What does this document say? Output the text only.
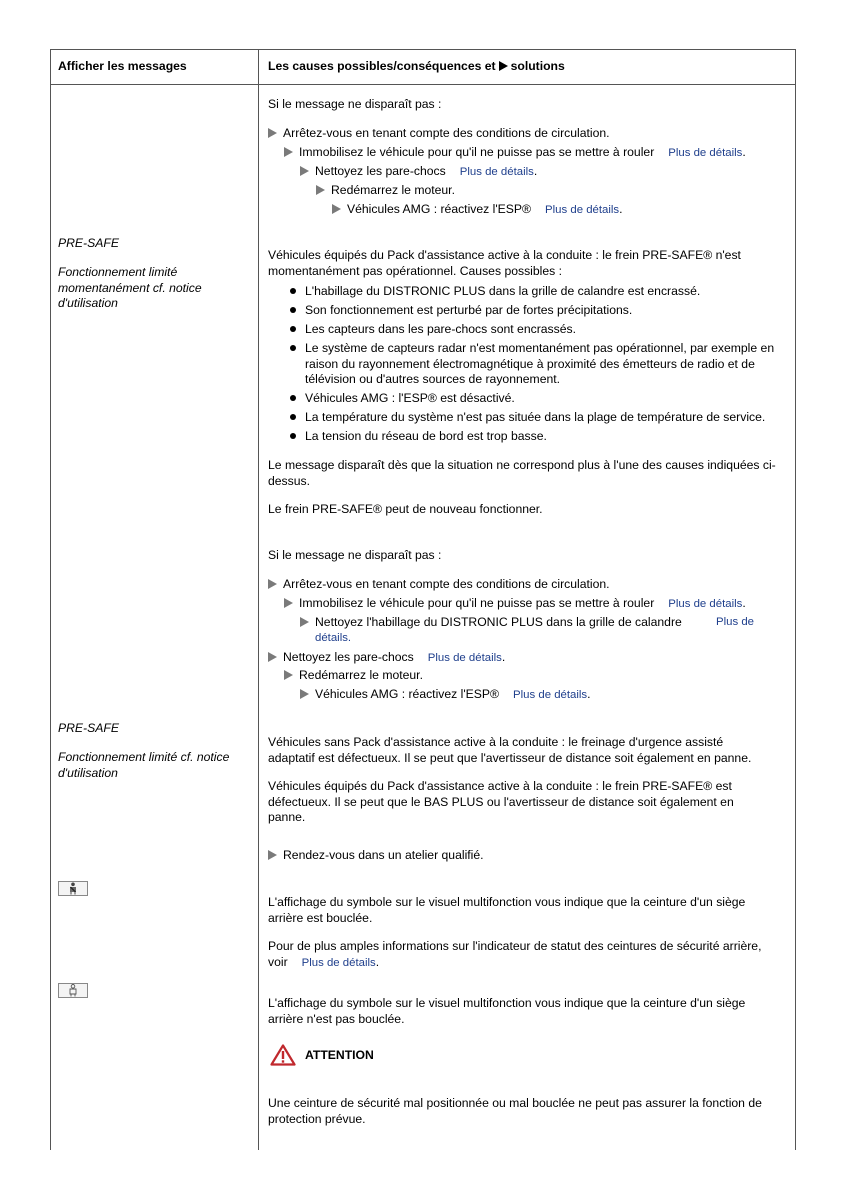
Afficher les messages	Les causes possibles/conséquences et solutions
Si le message ne disparaît pas :
Arrêtez-vous en tenant compte des conditions de circulation.
Immobilisez le véhicule pour qu'il ne puisse pas se mettre à rouler Plus de détails.
Nettoyez les pare-chocs Plus de détails.
Redémarrez le moteur.
Véhicules AMG : réactivez l'ESP® Plus de détails.
PRE-SAFE
Fonctionnement limité momentanément cf. notice d'utilisation
Véhicules équipés du Pack d'assistance active à la conduite : le frein PRE-SAFE® n'est momentanément pas opérationnel. Causes possibles :
L'habillage du DISTRONIC PLUS dans la grille de calandre est encrassé.
Son fonctionnement est perturbé par de fortes précipitations.
Les capteurs dans les pare-chocs sont encrassés.
Le système de capteurs radar n'est momentanément pas opérationnel, par exemple en raison du rayonnement électromagnétique à proximité des émetteurs de radio et de télévision ou d'autres sources de rayonnement.
Véhicules AMG : l'ESP® est désactivé.
La température du système n'est pas située dans la plage de température de service.
La tension du réseau de bord est trop basse.
Le message disparaît dès que la situation ne correspond plus à l'une des causes indiquées ci-dessus.
Le frein PRE-SAFE® peut de nouveau fonctionner.
Si le message ne disparaît pas :
Arrêtez-vous en tenant compte des conditions de circulation.
Immobilisez le véhicule pour qu'il ne puisse pas se mettre à rouler Plus de détails.
Nettoyez l'habillage du DISTRONIC PLUS dans la grille de calandre	Plus de
détails.
Nettoyez les pare-chocs Plus de détails.
Redémarrez le moteur.
Véhicules AMG : réactivez l'ESP® Plus de détails.
PRE-SAFE
Fonctionnement limité cf. notice d'utilisation
Véhicules sans Pack d'assistance active à la conduite : le freinage d'urgence assisté adaptatif est défectueux. Il se peut que l'avertisseur de distance soit également en panne.
Véhicules équipés du Pack d'assistance active à la conduite : le frein PRE-SAFE® est défectueux. Il se peut que le BAS PLUS ou l'avertisseur de distance soit également en panne.
Rendez-vous dans un atelier qualifié.
L'affichage du symbole sur le visuel multifonction vous indique que la ceinture d'un siège arrière est bouclée.
Pour de plus amples informations sur l'indicateur de statut des ceintures de sécurité arrière, voir Plus de détails.
L'affichage du symbole sur le visuel multifonction vous indique que la ceinture d'un siège arrière n'est pas bouclée.
ATTENTION
Une ceinture de sécurité mal positionnée ou mal bouclée ne peut pas assurer la fonction de protection prévue.
